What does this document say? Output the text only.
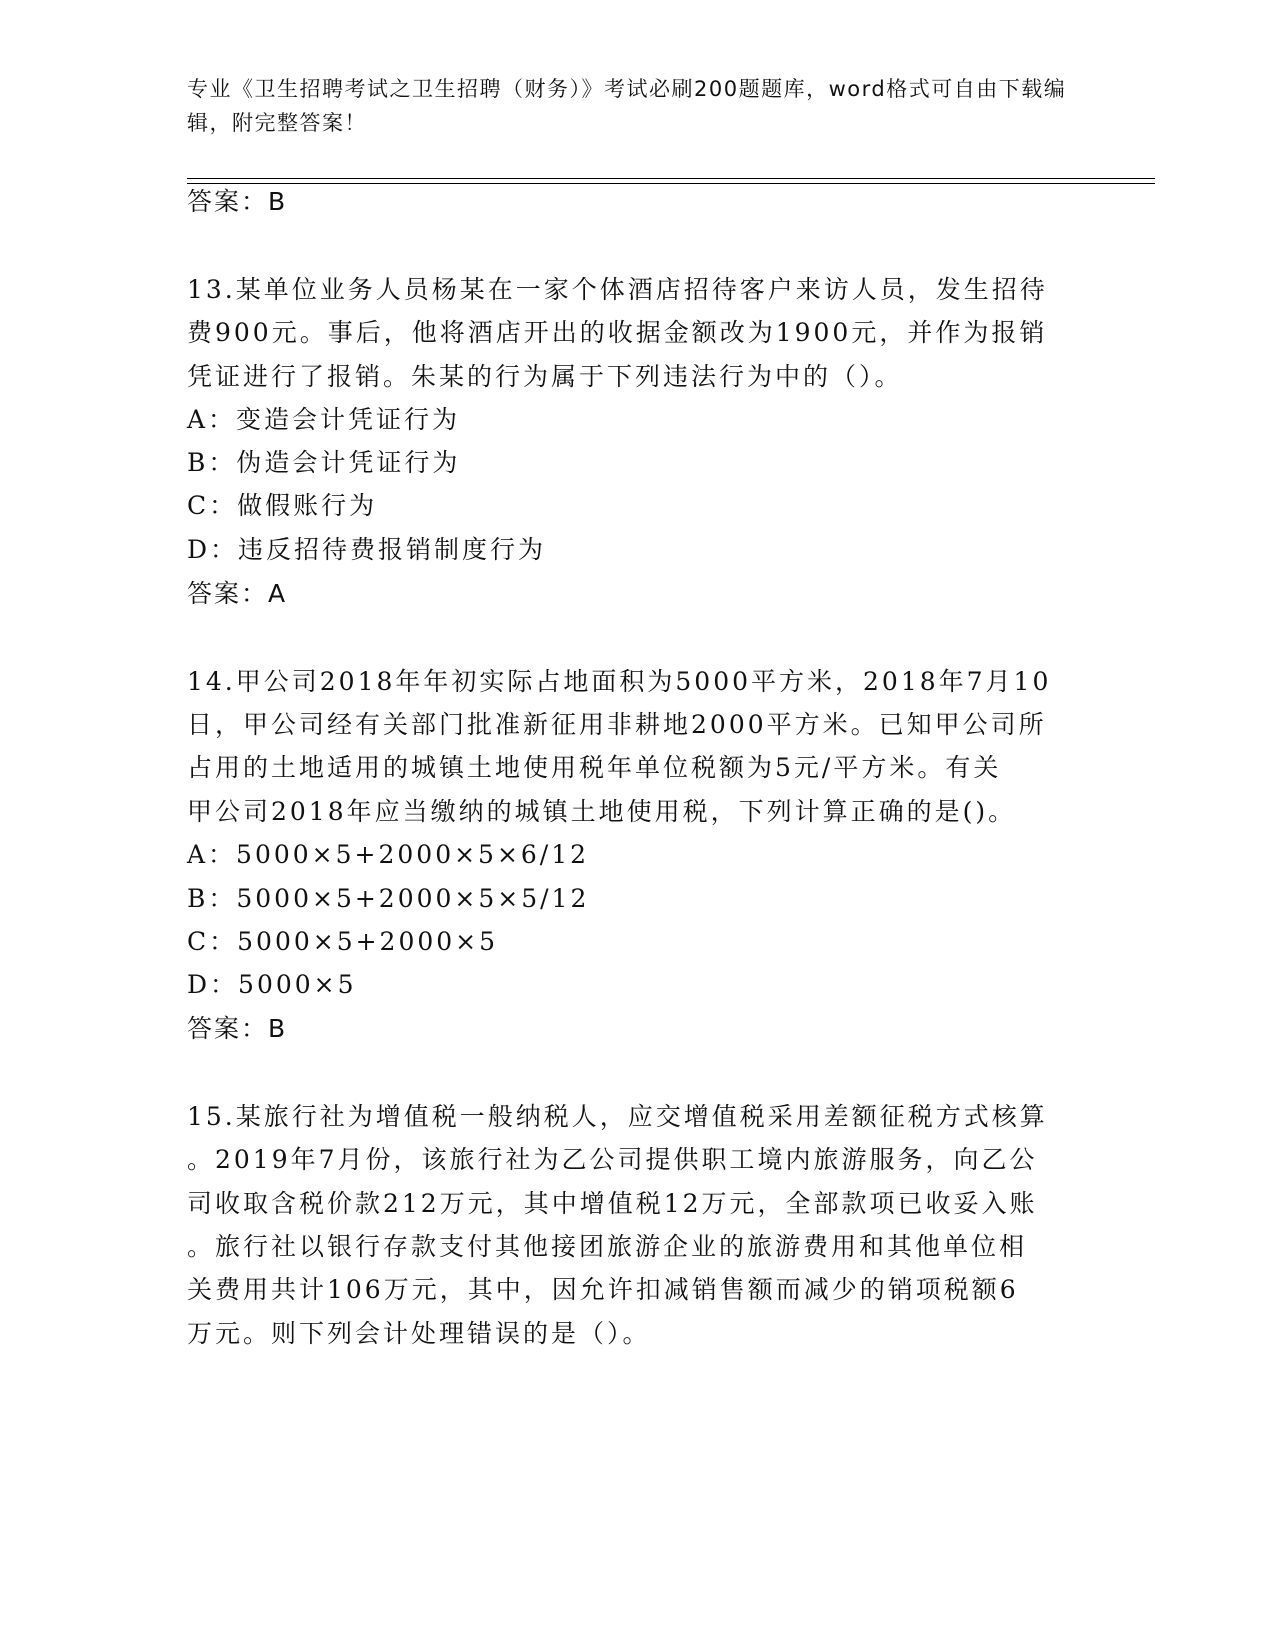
专业《卫生招聘考试之卫生招聘（财务）》考试必刷200题题库，word格式可自由下载编辑，附完整答案！
答案：B
13.某单位业务人员杨某在一家个体酒店招待客户来访人员，发生招待
费900元。事后，他将酒店开出的收据金额改为1900元，并作为报销
凭证进行了报销。朱某的行为属于下列违法行为中的（）。
A：变造会计凭证行为
B：伪造会计凭证行为
C：做假账行为
D：违反招待费报销制度行为
答案：A
14.甲公司2018年年初实际占地面积为5000平方米，2018年7月10
日，甲公司经有关部门批准新征用非耕地2000平方米。已知甲公司所
占用的土地适用的城镇土地使用税年单位税额为5元/平方米。有关
甲公司2018年应当缴纳的城镇土地使用税，下列计算正确的是()。
A：5000×5+2000×5×6/12
B：5000×5+2000×5×5/12
C：5000×5+2000×5
D：5000×5
答案：B
15.某旅行社为增值税一般纳税人，应交增值税采用差额征税方式核算
。2019年7月份，该旅行社为乙公司提供职工境内旅游服务，向乙公
司收取含税价款212万元，其中增值税12万元，全部款项已收妥入账
。旅行社以银行存款支付其他接团旅游企业的旅游费用和其他单位相
关费用共计106万元，其中，因允许扣减销售额而减少的销项税额6
万元。则下列会计处理错误的是（）。
